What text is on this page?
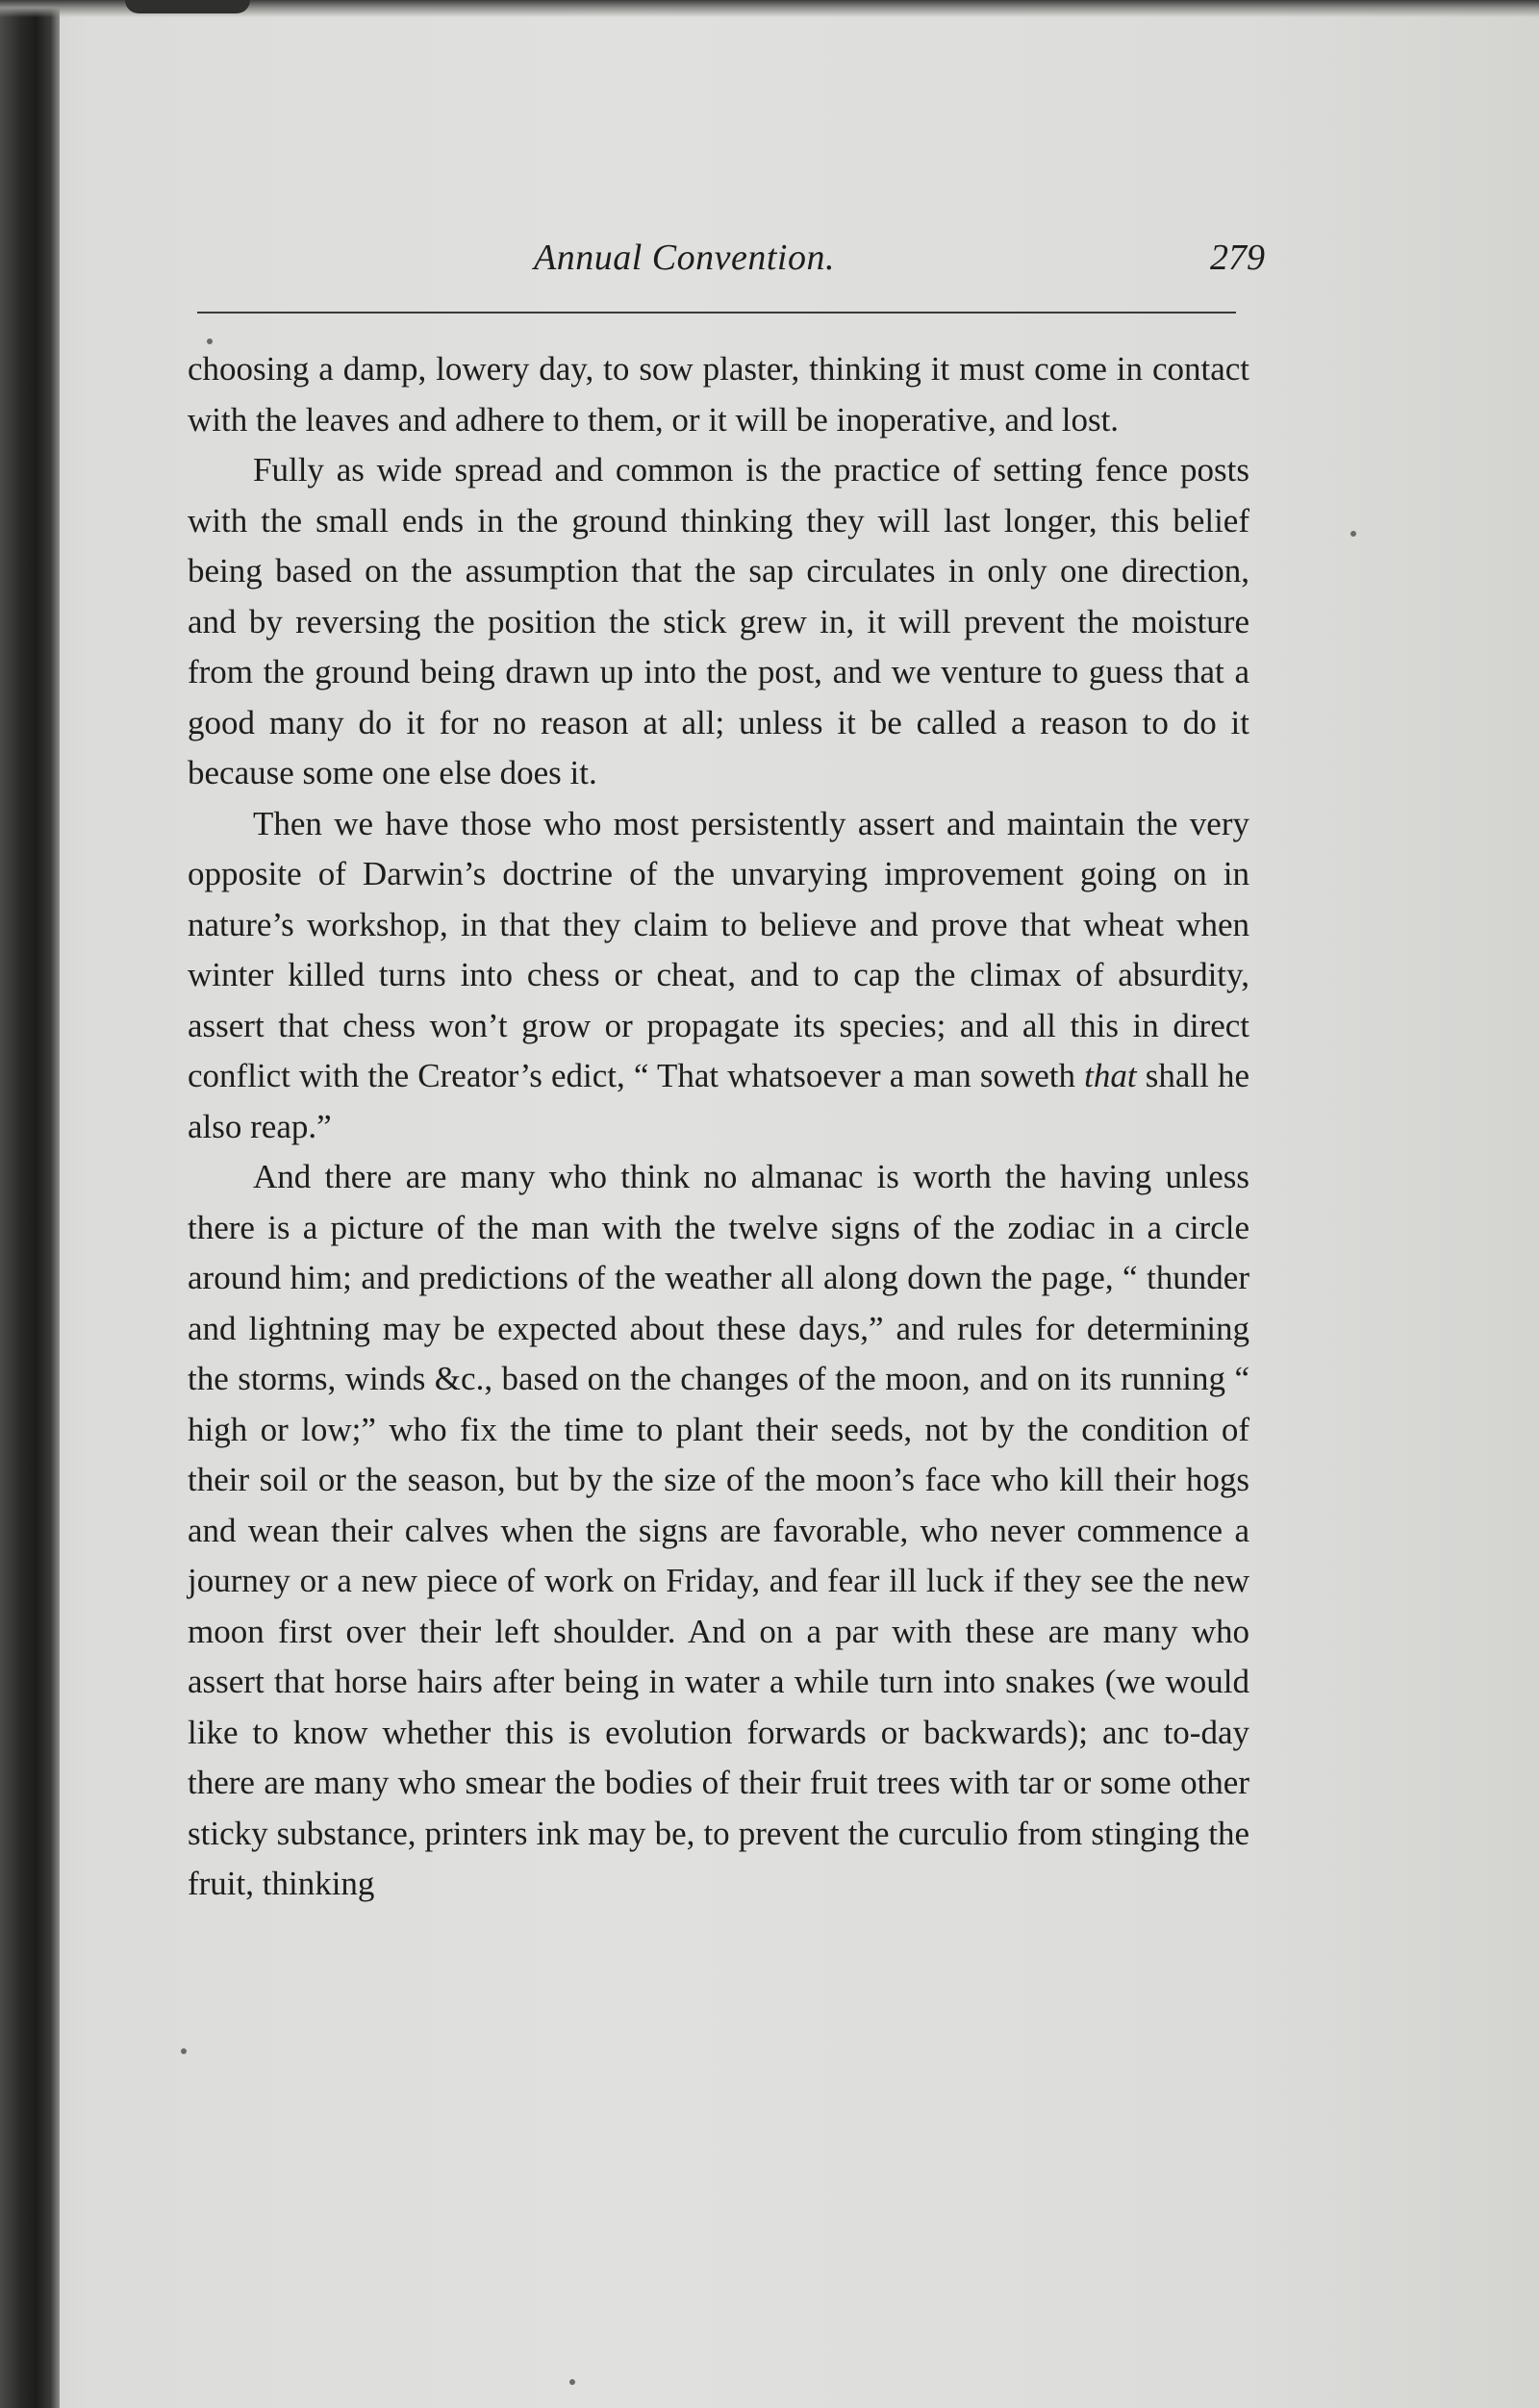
Annual Convention.	279

choosing a damp, lowery day, to sow plaster, thinking it must come in contact with the leaves and adhere to them, or it will be inoperative, and lost.

Fully as wide spread and common is the practice of setting fence posts with the small ends in the ground thinking they will last longer, this belief being based on the assumption that the sap circulates in only one direction, and by reversing the position the stick grew in, it will prevent the moisture from the ground being drawn up into the post, and we venture to guess that a good many do it for no reason at all; unless it be called a reason to do it because some one else does it.

Then we have those who most persistently assert and maintain the very opposite of Darwin’s doctrine of the unvarying improvement going on in nature’s workshop, in that they claim to believe and prove that wheat when winter killed turns into chess or cheat, and to cap the climax of absurdity, assert that chess won’t grow or propagate its species; and all this in direct conflict with the Creator’s edict, “ That whatsoever a man soweth that shall he also reap.”

And there are many who think no almanac is worth the having unless there is a picture of the man with the twelve signs of the zodiac in a circle around him; and predictions of the weather all along down the page, “ thunder and lightning may be expected about these days,” and rules for determining the storms, winds &c., based on the changes of the moon, and on its running “ high or low;” who fix the time to plant their seeds, not by the condition of their soil or the season, but by the size of the moon’s face who kill their hogs and wean their calves when the signs are favorable, who never commence a journey or a new piece of work on Friday, and fear ill luck if they see the new moon first over their left shoulder. And on a par with these are many who assert that horse hairs after being in water a while turn into snakes (we would like to know whether this is evolution forwards or backwards); anc to-day there are many who smear the bodies of their fruit trees with tar or some other sticky substance, printers ink may be, to prevent the curculio from stinging the fruit, thinking
